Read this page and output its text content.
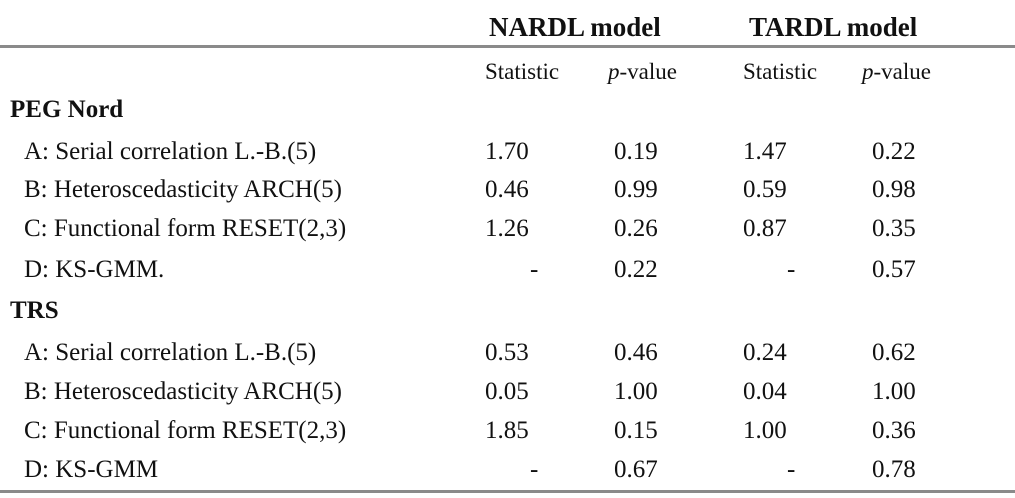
NARDL model	TARDL model
Statistic p-value	Statistic p-value
PEG Nord
A: Serial correlation L.-B.(5)	1.70	0.19	1.47	0.22
B: Heteroscedasticity ARCH(5)	0.46	0.99	0.59	0.98
C: Functional form RESET(2,3)	1.26	0.26	0.87	0.35
D: KS-GMM.	-	0.22	-	0.57
TRS
A: Serial correlation L.-B.(5)	0.53	0.46	0.24	0.62
B: Heteroscedasticity ARCH(5)	0.05	1.00	0.04	1.00
C: Functional form RESET(2,3)	1.85	0.15	1.00	0.36
D: KS-GMM	-	0.67	-	0.78
